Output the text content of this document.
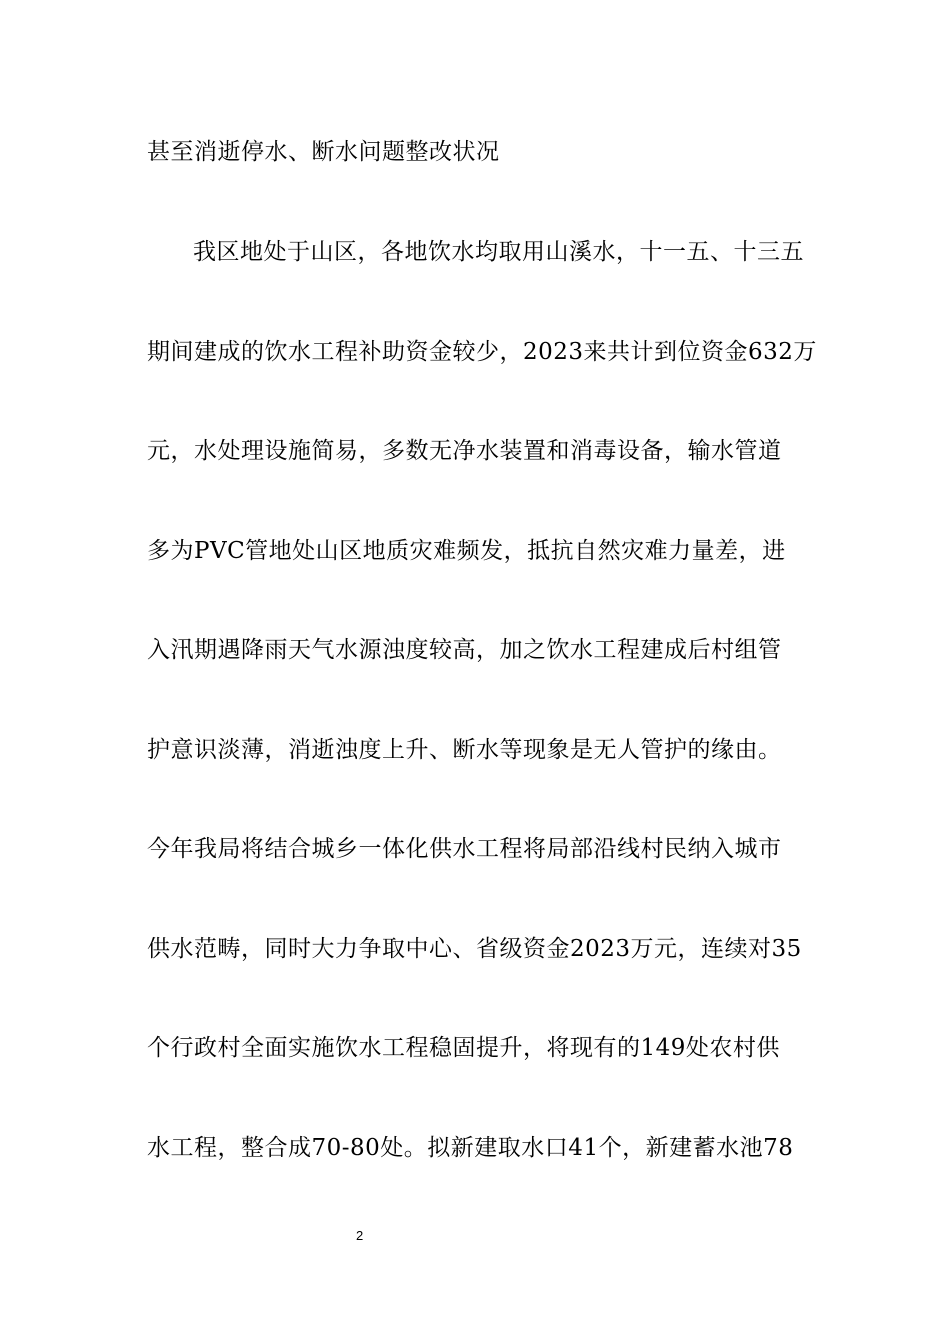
甚至消逝停水、断水问题整改状况
我区地处于山区，各地饮水均取用山溪水，十一五、十三五
期间建成的饮水工程补助资金较少，2023来共计到位资金632万
元，水处理设施简易，多数无净水装置和消毒设备，输水管道
多为PVC管地处山区地质灾难频发，抵抗自然灾难力量差，进
入汛期遇降雨天气水源浊度较高，加之饮水工程建成后村组管
护意识淡薄，消逝浊度上升、断水等现象是无人管护的缘由。
今年我局将结合城乡一体化供水工程将局部沿线村民纳入城市
供水范畴，同时大力争取中心、省级资金2023万元，连续对35
个行政村全面实施饮水工程稳固提升，将现有的149处农村供
水工程，整合成70-80处。拟新建取水口41个，新建蓄水池78
2
